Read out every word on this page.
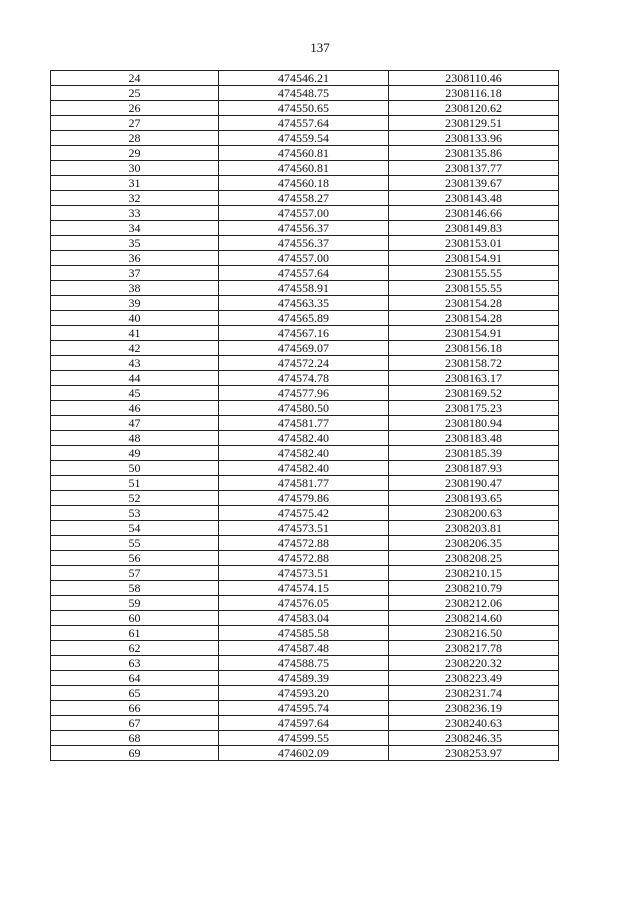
137
24	474546.21	2308110.46
25	474548.75	2308116.18
26	474550.65	2308120.62
27	474557.64	2308129.51
28	474559.54	2308133.96
29	474560.81	2308135.86
30	474560.81	2308137.77
31	474560.18	2308139.67
32	474558.27	2308143.48
33	474557.00	2308146.66
34	474556.37	2308149.83
35	474556.37	2308153.01
36	474557.00	2308154.91
37	474557.64	2308155.55
38	474558.91	2308155.55
39	474563.35	2308154.28
40	474565.89	2308154.28
41	474567.16	2308154.91
42	474569.07	2308156.18
43	474572.24	2308158.72
44	474574.78	2308163.17
45	474577.96	2308169.52
46	474580.50	2308175.23
47	474581.77	2308180.94
48	474582.40	2308183.48
49	474582.40	2308185.39
50	474582.40	2308187.93
51	474581.77	2308190.47
52	474579.86	2308193.65
53	474575.42	2308200.63
54	474573.51	2308203.81
55	474572.88	2308206.35
56	474572.88	2308208.25
57	474573.51	2308210.15
58	474574.15	2308210.79
59	474576.05	2308212.06
60	474583.04	2308214.60
61	474585.58	2308216.50
62	474587.48	2308217.78
63	474588.75	2308220.32
64	474589.39	2308223.49
65	474593.20	2308231.74
66	474595.74	2308236.19
67	474597.64	2308240.63
68	474599.55	2308246.35
69	474602.09	2308253.97
